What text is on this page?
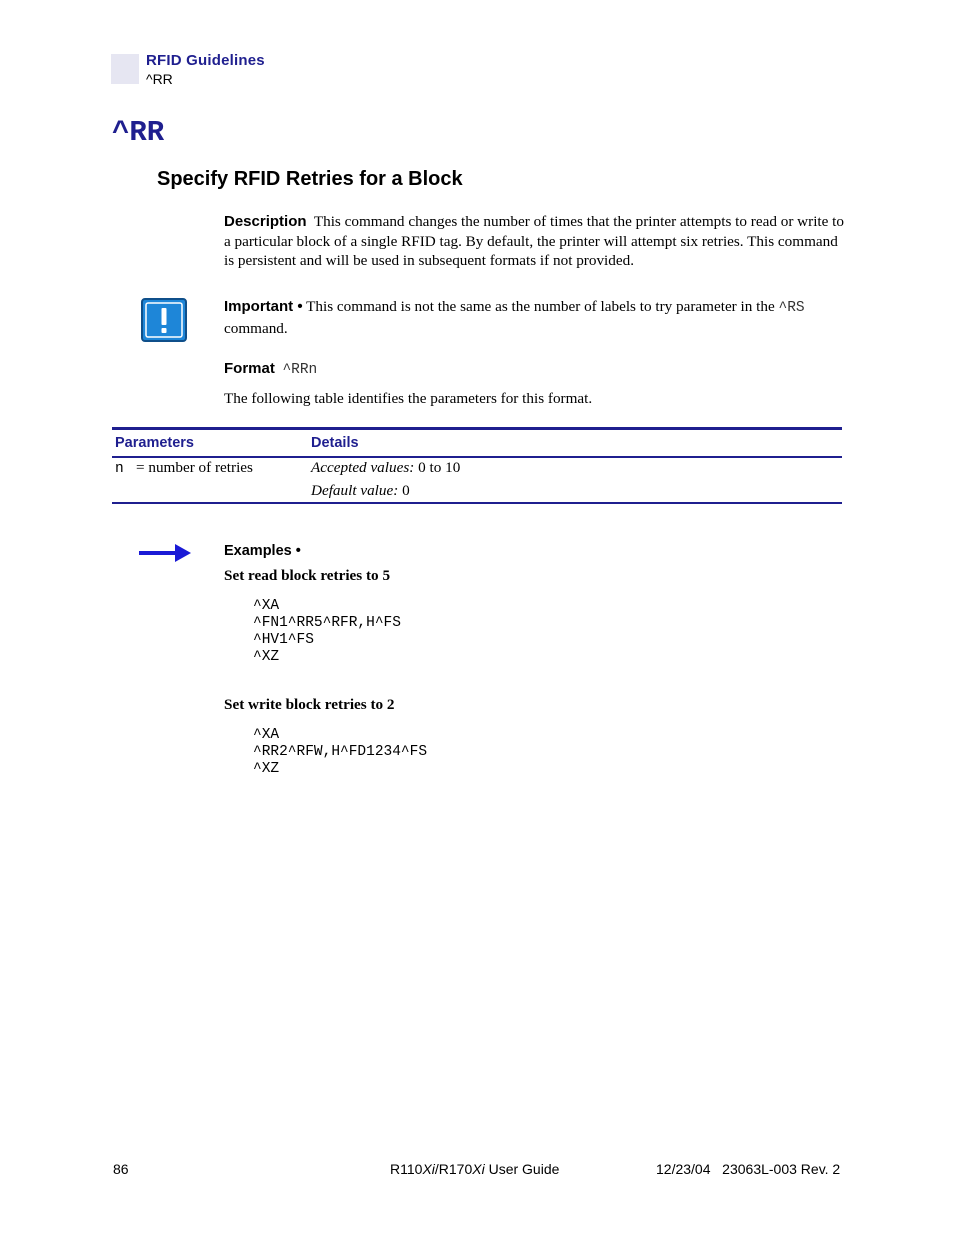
RFID Guidelines
^RR
^RR
Specify RFID Retries for a Block
Description This command changes the number of times that the printer attempts to read or write to a particular block of a single RFID tag. By default, the printer will attempt six retries. This command is persistent and will be used in subsequent formats if not provided.
Important • This command is not the same as the number of labels to try parameter in the ^RS command.
Format ^RRn
The following table identifies the parameters for this format.
Parameters	Details
n = number of retries	Accepted values: 0 to 10
Default value: 0
Examples •
Set read block retries to 5
^XA
^FN1^RR5^RFR,H^FS
^HV1^FS
^XZ
Set write block retries to 2
^XA
^RR2^RFW,H^FD1234^FS
^XZ
86	R110Xi/R170Xi User Guide	12/23/04 23063L-003 Rev. 2
